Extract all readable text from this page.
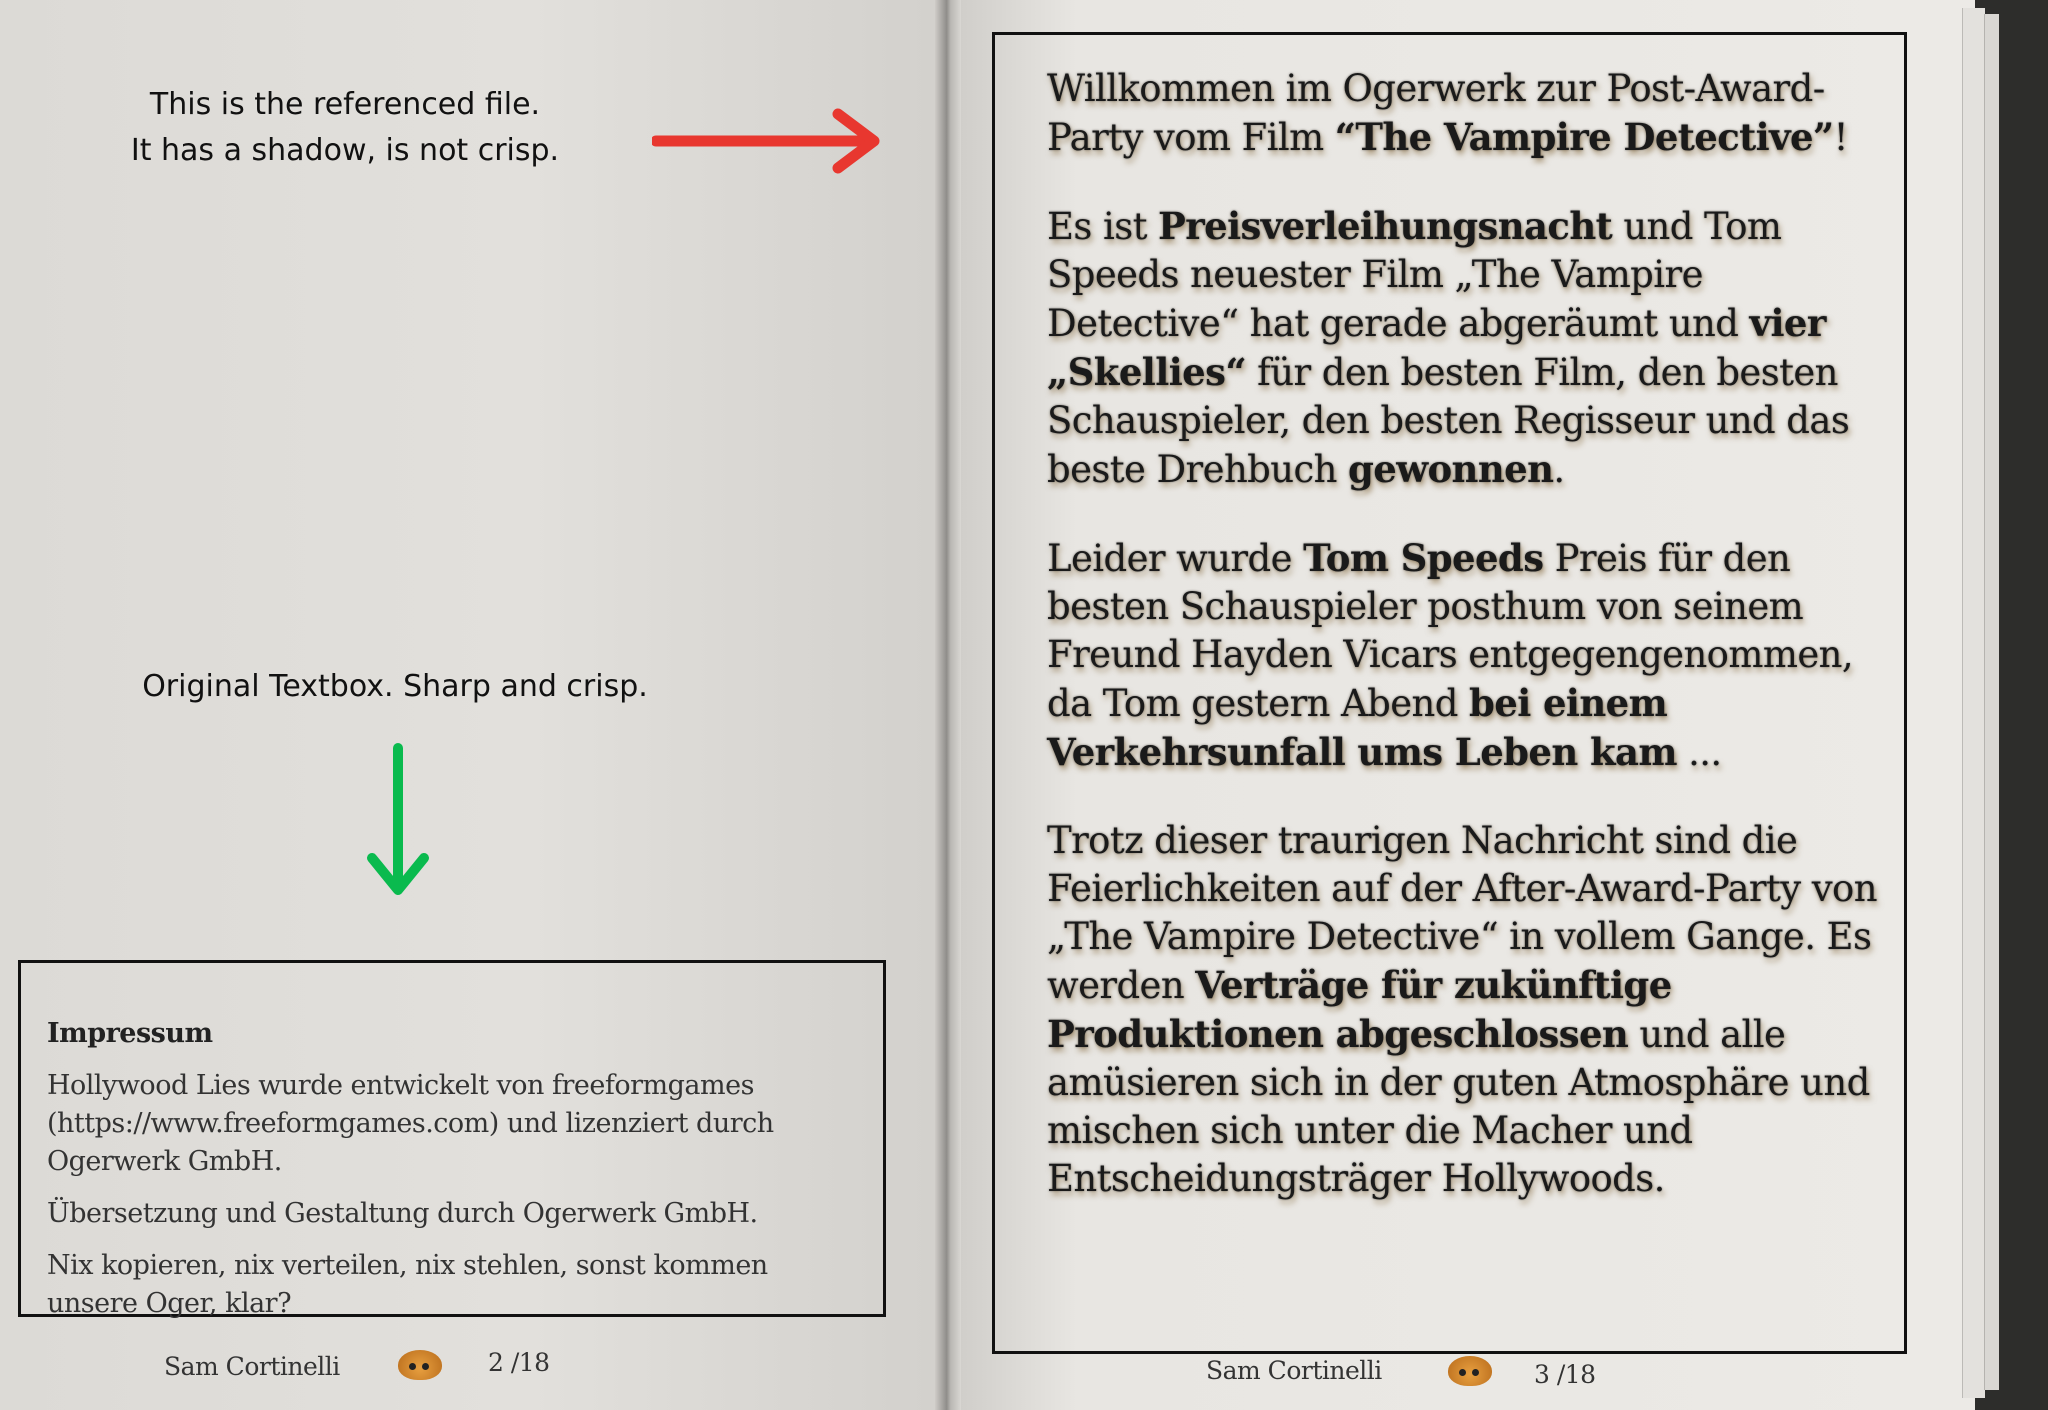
This is the referenced file.
It has a shadow, is not crisp.
Original Textbox. Sharp and crisp.

Impressum

Hollywood Lies wurde entwickelt von freeformgames (https://www.freeformgames.com) und lizenziert durch Ogerwerk GmbH.

Übersetzung und Gestaltung durch Ogerwerk GmbH.

Nix kopieren, nix verteilen, nix stehlen, sonst kommen unsere Oger, klar?

Sam Cortinelli	2 /18

Willkommen im Ogerwerk zur Post-Award-Party vom Film “The Vampire Detective”!

Es ist Preisverleihungsnacht und Tom Speeds neuester Film „The Vampire Detective“ hat gerade abgeräumt und vier „Skellies“ für den besten Film, den besten Schauspieler, den besten Regisseur und das beste Drehbuch gewonnen.

Leider wurde Tom Speeds Preis für den besten Schauspieler posthum von seinem Freund Hayden Vicars entgegengenommen, da Tom gestern Abend bei einem Verkehrsunfall ums Leben kam ...

Trotz dieser traurigen Nachricht sind die Feierlichkeiten auf der After-Award-Party von „The Vampire Detective“ in vollem Gange. Es werden Verträge für zukünftige Produktionen abgeschlossen und alle amüsieren sich in der guten Atmosphäre und mischen sich unter die Macher und Entscheidungsträger Hollywoods.

Sam Cortinelli	3 /18
